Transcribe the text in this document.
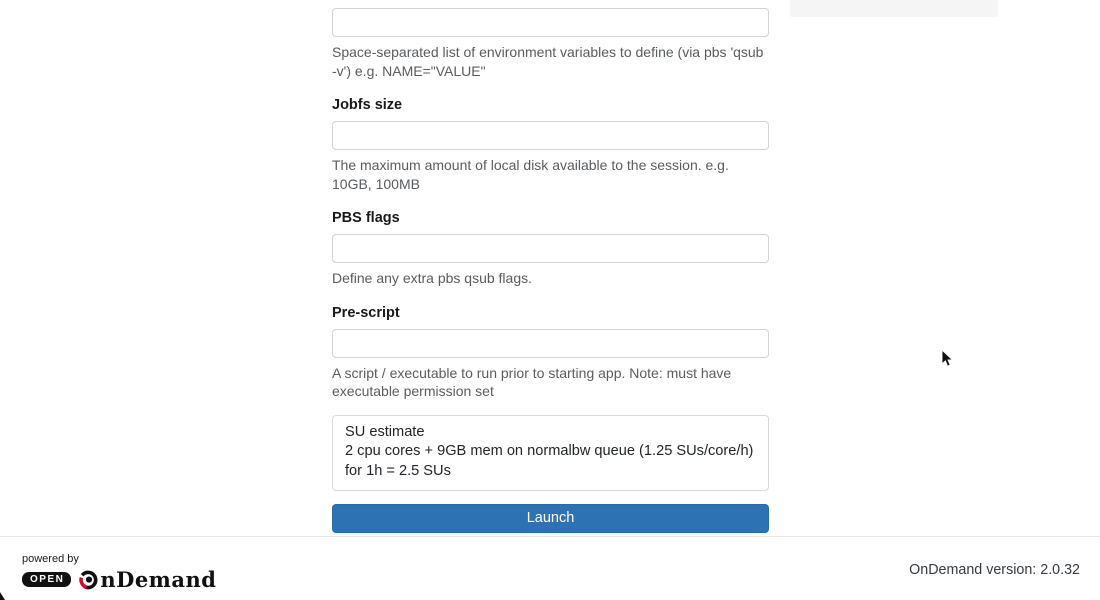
Space-separated list of environment variables to define (via pbs 'qsub -v') e.g. NAME="VALUE"
Jobfs size
The maximum amount of local disk available to the session. e.g. 10GB, 100MB
PBS flags
Define any extra pbs qsub flags.
Pre-script
A script / executable to run prior to starting app. Note: must have executable permission set
SU estimate
2 cpu cores + 9GB mem on normalbw queue (1.25 SUs/core/h) for 1h = 2.5 SUs
Launch
powered by
OPEN	nDemand	OnDemand version: 2.0.32
